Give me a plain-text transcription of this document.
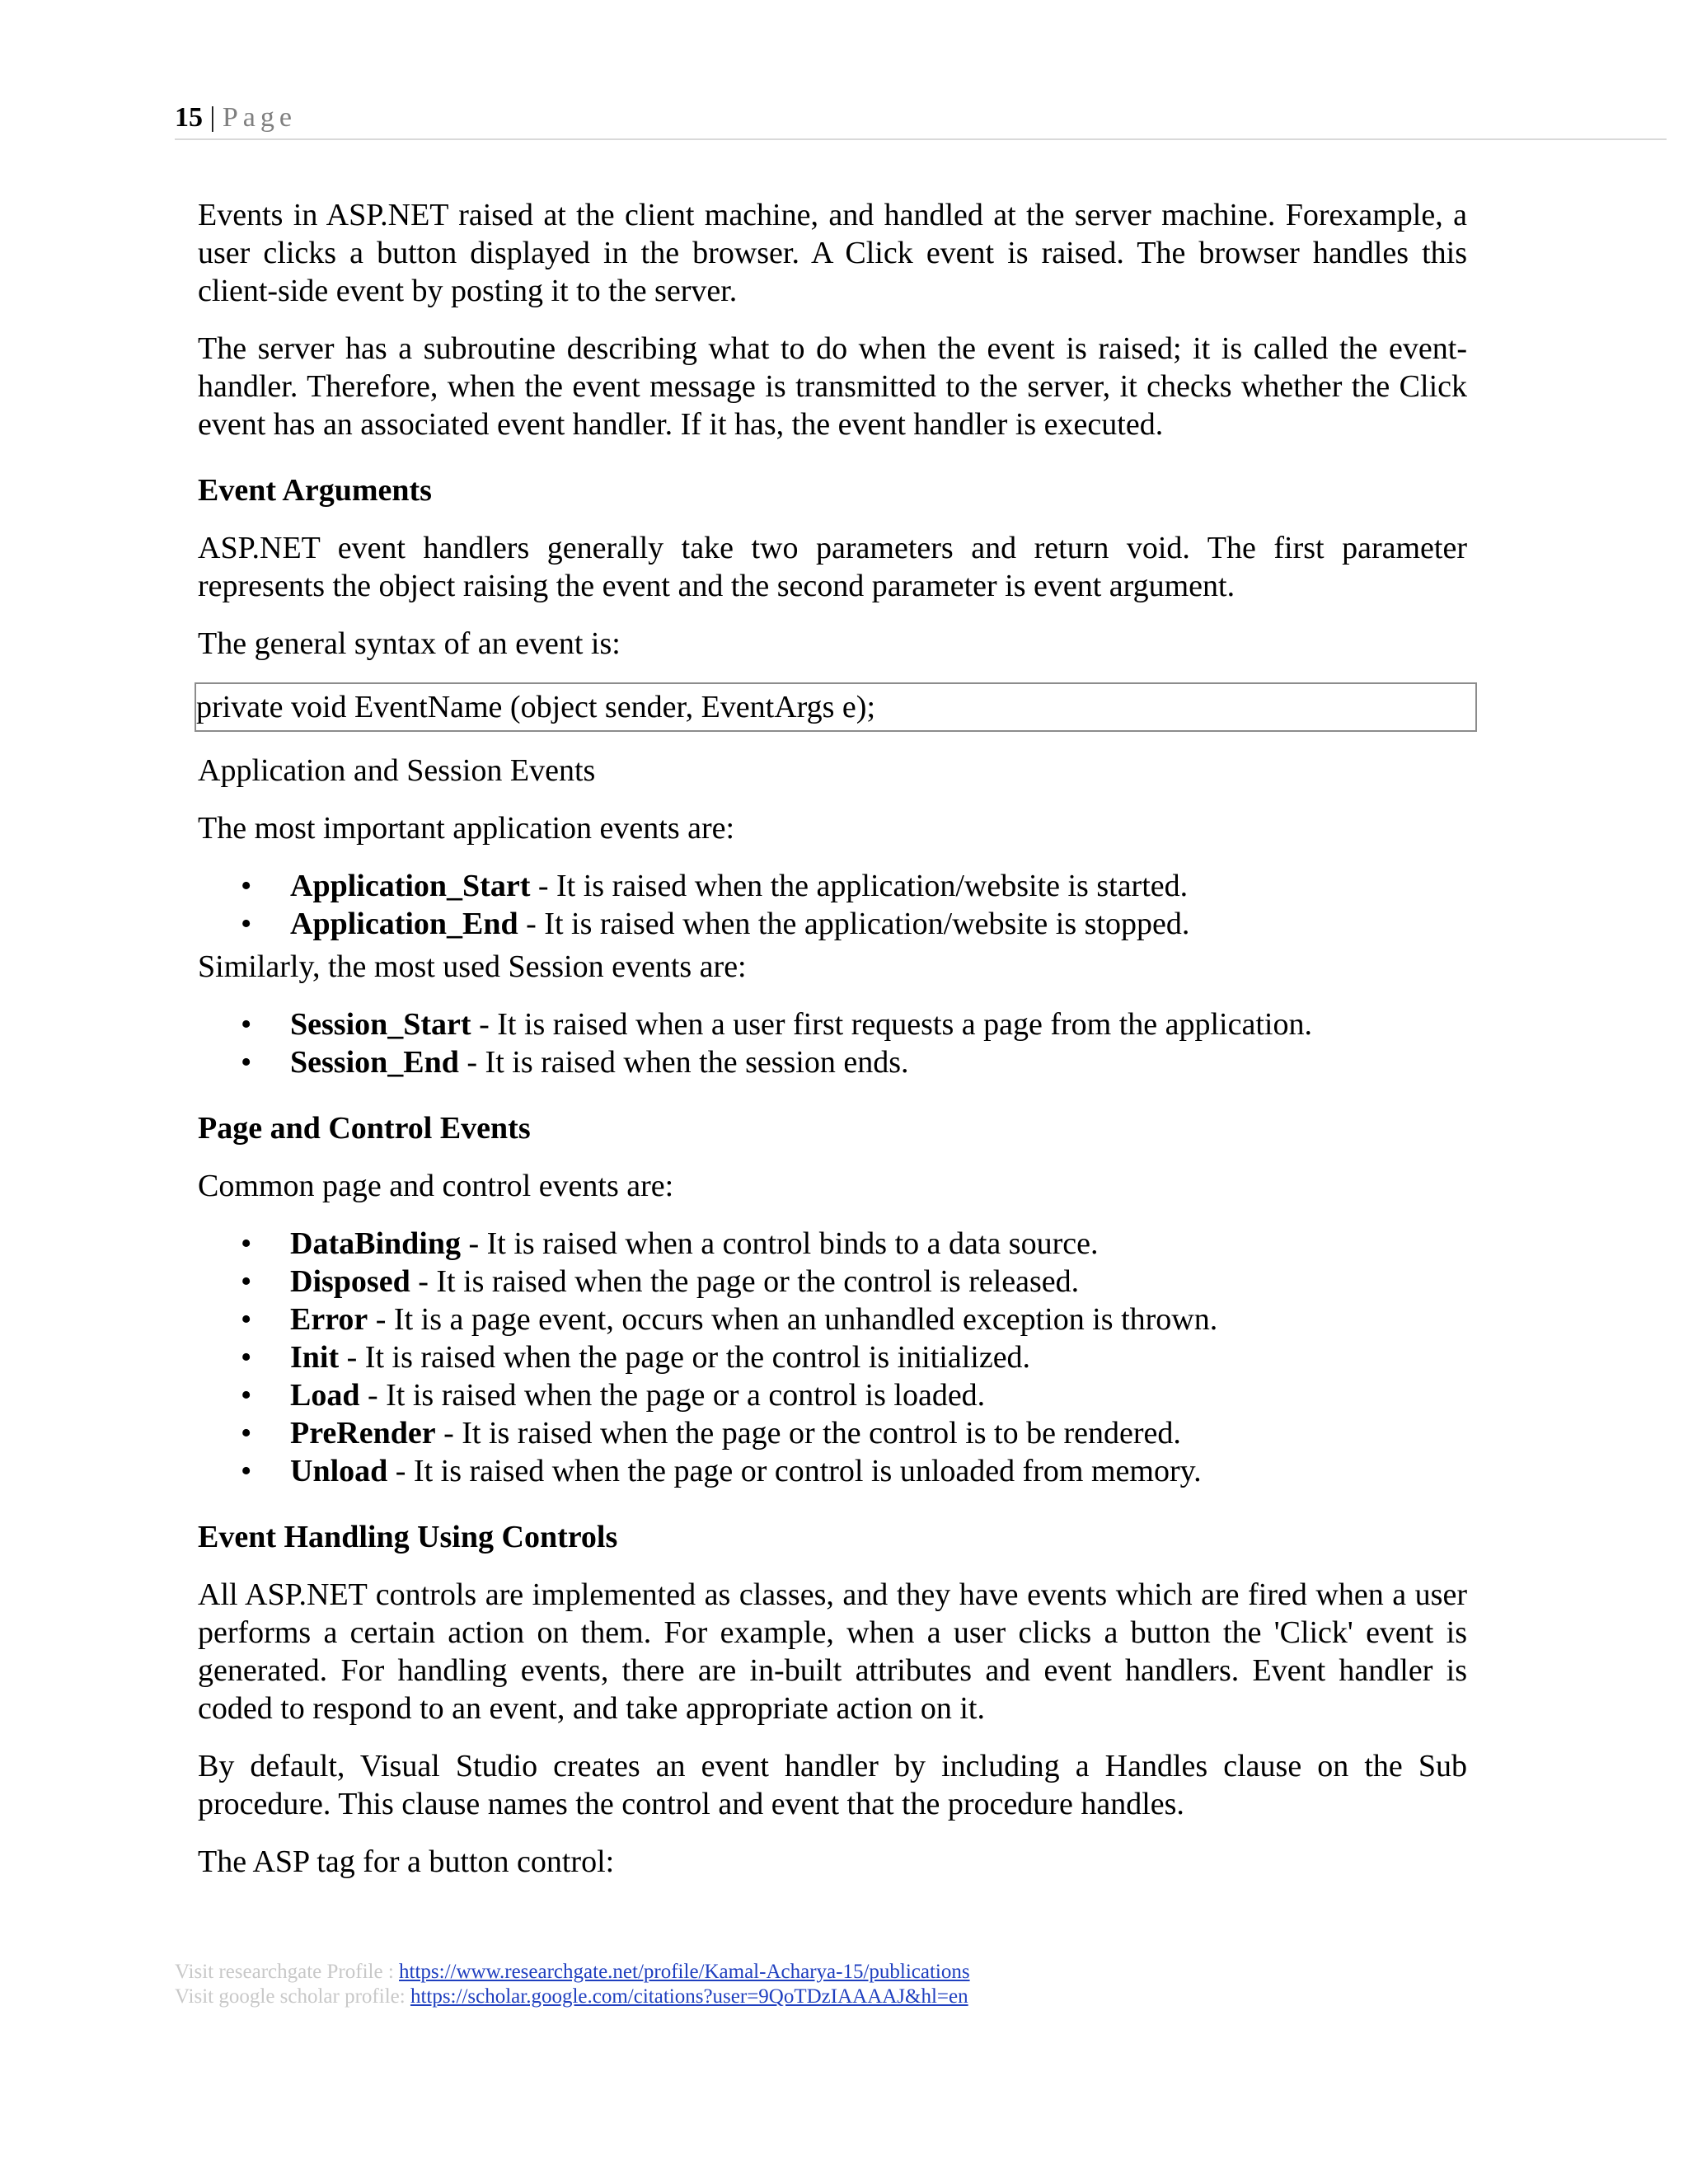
15 | Page

Events in ASP.NET raised at the client machine, and handled at the server machine. Forexample, a user clicks a button displayed in the browser. A Click event is raised. The browser handles this client-side event by posting it to the server.

The server has a subroutine describing what to do when the event is raised; it is called the event-handler. Therefore, when the event message is transmitted to the server, it checks whether the Click event has an associated event handler. If it has, the event handler is executed.

Event Arguments

ASP.NET event handlers generally take two parameters and return void. The first parameter represents the object raising the event and the second parameter is event argument.

The general syntax of an event is:

private void EventName (object sender, EventArgs e);

Application and Session Events

The most important application events are:

• Application_Start - It is raised when the application/website is started.
• Application_End - It is raised when the application/website is stopped.

Similarly, the most used Session events are:

• Session_Start - It is raised when a user first requests a page from the application.
• Session_End - It is raised when the session ends.
Page and Control Events

Common page and control events are:

• DataBinding - It is raised when a control binds to a data source.
• Disposed - It is raised when the page or the control is released.
• Error - It is a page event, occurs when an unhandled exception is thrown.
• Init - It is raised when the page or the control is initialized.
• Load - It is raised when the page or a control is loaded.
• PreRender - It is raised when the page or the control is to be rendered.
• Unload - It is raised when the page or control is unloaded from memory.
Event Handling Using Controls

All ASP.NET controls are implemented as classes, and they have events which are fired when a user performs a certain action on them. For example, when a user clicks a button the 'Click' event is generated. For handling events, there are in-built attributes and event handlers. Event handler is coded to respond to an event, and take appropriate action on it.

By default, Visual Studio creates an event handler by including a Handles clause on the Sub procedure. This clause names the control and event that the procedure handles.

The ASP tag for a button control:

Visit researchgate Profile : https://www.researchgate.net/profile/Kamal-Acharya-15/publications
Visit google scholar profile: https://scholar.google.com/citations?user=9QoTDzIAAAAJ&hl=en
